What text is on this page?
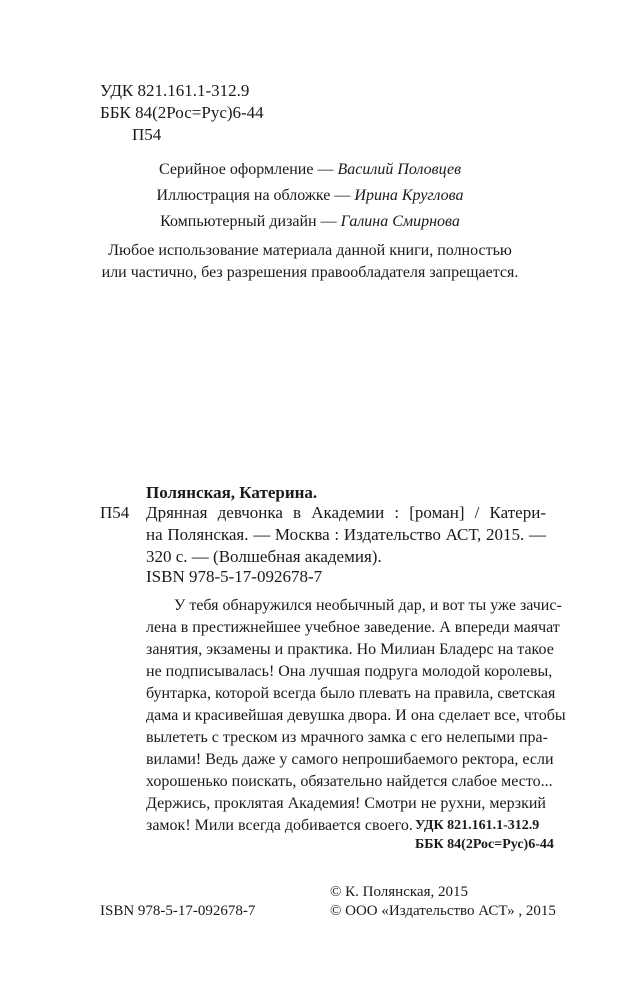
УДК 821.161.1-312.9
ББК 84(2Рос=Рус)6-44
П54
Серийное оформление — Василий Половцев
Иллюстрация на обложке — Ирина Круглова
Компьютерный дизайн — Галина Смирнова
Любое использование материала данной книги, полностью
или частично, без разрешения правообладателя запрещается.
Полянская, Катерина.
П54 Дрянная девчонка в Академии : [роман] / Катери-
на Полянская. — Москва : Издательство АСТ, 2015. —
320 с. — (Волшебная академия).
ISBN 978-5-17-092678-7
У тебя обнаружился необычный дар, и вот ты уже зачис-
лена в престижнейшее учебное заведение. А впереди маячат
занятия, экзамены и практика. Но Милиан Бладерс на такое
не подписывалась! Она лучшая подруга молодой королевы,
бунтарка, которой всегда было плевать на правила, светская
дама и красивейшая девушка двора. И она сделает все, чтобы
вылететь с треском из мрачного замка с его нелепыми пра-
вилами! Ведь даже у самого непрошибаемого ректора, если
хорошенько поискать, обязательно найдется слабое место...
Держись, проклятая Академия! Смотри не рухни, мерзкий
замок! Мили всегда добивается своего. УДК 821.161.1-312.9
ББК 84(2Рос=Рус)6-44
© К. Полянская, 2015
ISBN 978-5-17-092678-7	© ООО «Издательство АСТ» , 2015
